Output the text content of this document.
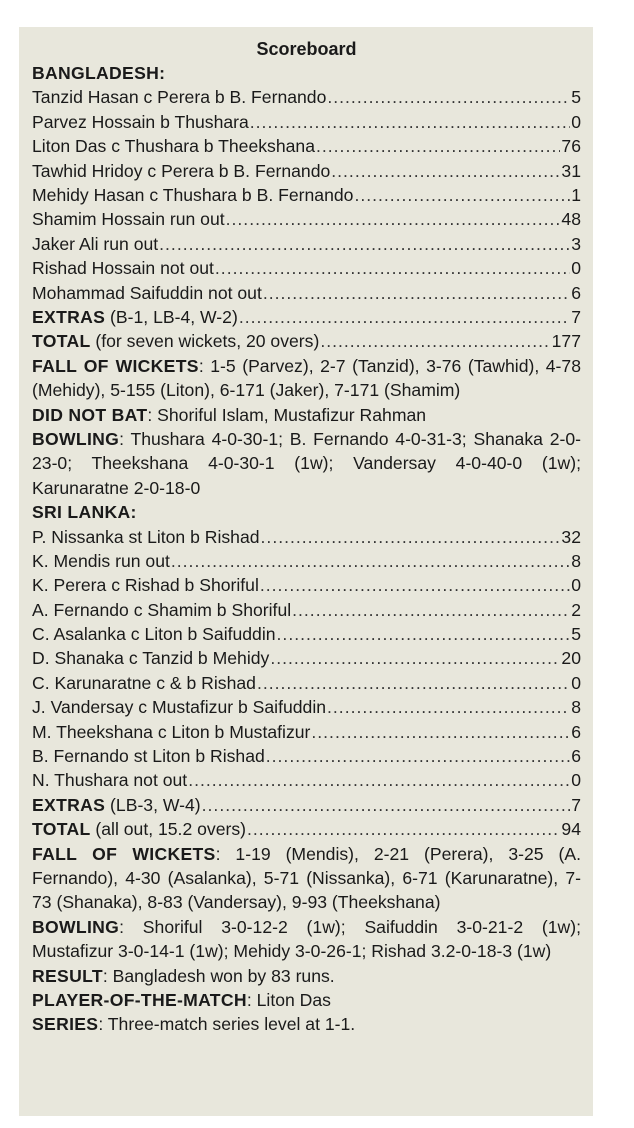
Scoreboard
BANGLADESH:
Tanzid Hasan c Perera b B. Fernando .....	5
Parvez Hossain b Thushara .....	0
Liton Das c Thushara b Theekshana .....	76
Tawhid Hridoy c Perera b B. Fernando .....	31
Mehidy Hasan c Thushara b B. Fernando .....	1
Shamim Hossain run out .....	48
Jaker Ali run out .....	3
Rishad Hossain not out .....	0
Mohammad Saifuddin not out .....	6
EXTRAS (B-1, LB-4, W-2) .....	7
TOTAL (for seven wickets, 20 overs) .....	177
FALL OF WICKETS: 1-5 (Parvez), 2-7 (Tanzid), 3-76 (Tawhid), 4-78 (Mehidy), 5-155 (Liton), 6-171 (Jaker), 7-171 (Shamim)
DID NOT BAT: Shoriful Islam, Mustafizur Rahman
BOWLING: Thushara 4-0-30-1; B. Fernando 4-0-31-3; Shanaka 2-0-23-0; Theekshana 4-0-30-1 (1w); Vandersay 4-0-40-0 (1w); Karunaratne 2-0-18-0
SRI LANKA:
P. Nissanka st Liton b Rishad .....	32
K. Mendis run out .....	8
K. Perera c Rishad b Shoriful .....	0
A. Fernando c Shamim b Shoriful .....	2
C. Asalanka c Liton b Saifuddin .....	5
D. Shanaka c Tanzid b Mehidy .....	20
C. Karunaratne c & b Rishad .....	0
J. Vandersay c Mustafizur b Saifuddin .....	8
M. Theekshana c Liton b Mustafizur .....	6
B. Fernando st Liton b Rishad .....	6
N. Thushara not out .....	0
EXTRAS (LB-3, W-4) .....	7
TOTAL (all out, 15.2 overs) .....	94
FALL OF WICKETS: 1-19 (Mendis), 2-21 (Perera), 3-25 (A. Fernando), 4-30 (Asalanka), 5-71 (Nissanka), 6-71 (Karunaratne), 7-73 (Shanaka), 8-83 (Vandersay), 9-93 (Theekshana)
BOWLING: Shoriful 3-0-12-2 (1w); Saifuddin 3-0-21-2 (1w); Mustafizur 3-0-14-1 (1w); Mehidy 3-0-26-1; Rishad 3.2-0-18-3 (1w)
RESULT: Bangladesh won by 83 runs.
PLAYER-OF-THE-MATCH: Liton Das
SERIES: Three-match series level at 1-1.
